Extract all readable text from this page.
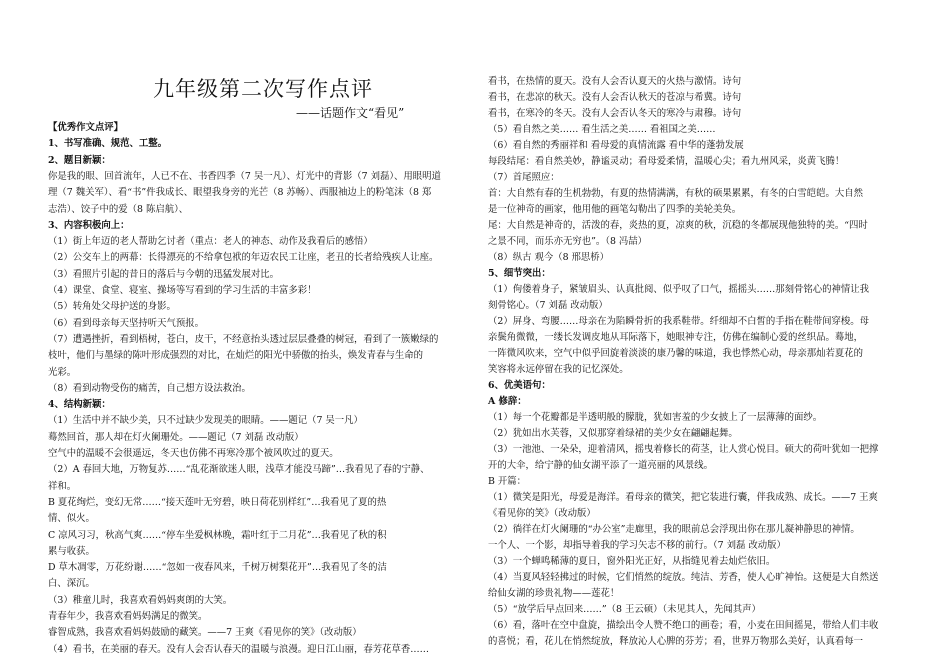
九年级第二次写作点评
——话题作文“看见”
【优秀作文点评】
1、书写准确、规范、工整。
2、题目新颖：
你是我的眼、回首流年，人已不在、书香四季（7 吴一凡）、灯光中的背影（7 刘磊）、用眼明道
理（7 魏关军）、看“书”件我成长、眼望我身旁的光芒（8 苏畅）、西服袖边上的粉笔沫（8 郑
志浩）、饺子中的爱（8 陈启航）、
3、内容积极向上：
（1）街上年迈的老人帮助乞讨者（重点：老人的神态、动作及我看后的感悟）
（2）公交车上的两幕：长得漂亮的不给拿包袱的年迈农民工让座，老丑的长者给残疾人让座。
（3）看照片引起的昔日的落后与今朝的迅猛发展对比。
（4）课堂、食堂、寝室、操场等写看到的学习生活的丰富多彩！
（5）转角处父母护送的身影。
（6）看到母亲每天坚持听天气预报。
（7）遭遇挫折，看到梧树，苍白，皮干，不经意抬头透过层层叠叠的树冠，看到了一簇嫩绿的
枝叶，他们与墨绿的陈叶形成强烈的对比，在灿烂的阳光中骄傲的抬头，焕发青春与生命的
光彩。
（8）看到动物受伤的痛苦，自己想方设法救治。
4、结构新颖：
（1）生活中并不缺少美，只不过缺少发现美的眼睛。——题记（7 吴一凡）
蓦然回首，那人却在灯火阑珊处。——题记（7 刘磊 改动版）
空气中的温暖不会很遥远，冬天也仿佛不再寒冷那个被风吹过的夏天。
（2）A 春回大地，万物复苏……“乱花渐欲迷人眼，浅草才能没马蹄”…我看见了春的宁静、
祥和。
B 夏花绚烂，变幻无常……“接天莲叶无穷碧，映日荷花别样红”…我看见了夏的热
情、似火。
C 凉风习习，秋高气爽……“停车坐爱枫林晚，霜叶红于二月花”…我看见了秋的积
累与收获。
D 草木凋零，万花纷谢……“忽如一夜春风来，千树万树梨花开”…我看见了冬的洁
白、深沉。
（3）稚童儿时，我喜欢看妈妈爽朗的大笑。
青春年少，我喜欢看妈妈满足的微笑。
睿智成熟，我喜欢看妈妈鼓励的藏笑。——7 王爽《看见你的笑》（改动版）
（4）看书，在美丽的春天。没有人会否认春天的温暖与浪漫。迎日江山丽，春芳花草香……
看书，在热情的夏天。没有人会否认夏天的火热与激情。诗句
看书，在悲凉的秋天。没有人会否认秋天的苍凉与希冀。诗句
看书，在寒冷的冬天。没有人会否认冬天的寒冷与肃穆。诗句
（5）看自然之美…… 看生活之美…… 看祖国之美……
（6）看自然的秀丽祥和 看母爱的真情流露 看中华的蓬勃发展
每段结尾：看自然美妙，静谧灵动；看母爱柔情，温暖心尖；看九州风采，炎黄飞腾！
（7）首尾照应：
首：大自然有春的生机勃勃，有夏的热情满满，有秋的硕果累累，有冬的白雪皑皑。大自然
是一位神奇的画家，他用他的画笔勾勒出了四季的美轮美奂。
尾：大自然是神奇的，活泼的春，炎热的夏，凉爽的秋，沉稳的冬都展现他独特的美。“四时
之景不同，而乐亦无穷也”。（8 冯喆）
（8）纵古 观今（8 邢思桥）
5、细节突出：
（1）佝偻着身子，紧皱眉头、认真批阅、似乎叹了口气，摇摇头……那刻骨铭心的神情让我
刻骨铭心。（7 刘磊 改动版）
（2）屏身、弯腰……母亲在为陷瞬骨折的我系鞋带。纤细却不白皙的手指在鞋带间穿梭。母
亲鬓角微微，一缕长发调皮地从耳际落下，她眼神专注，仿佛在编制心爱的丝织品。蓦地，
一阵微风吹来，空气中似乎回旋着淡淡的康乃馨的味道，我也悸然心动，母亲那灿若夏花的
笑容将永远停留在我的记忆深处。
6、优美语句：
A 修辞：
（1）每一个花瓣都是半透明般的朦胧，犹如害羞的少女披上了一层薄薄的面纱。
（2）犹如出水芙蓉，又似那穿着绿裙的美少女在翩翩起舞。
（3）一池池、一朵朵，迎着清风，摇曳着修长的荷茎，让人赏心悦目。硕大的荷叶犹如一把撑
开的大伞，给宁静的仙女湖平添了一道亮丽的风景线。
B 开篇：
（1）微笑是阳光，母爱是海洋。看母亲的微笑，把它装进行囊，伴我成熟、成长。——7 王爽
《看见你的笑》（改动版）
（2）徜徉在灯火阑珊的“办公室”走廊里，我的眼前总会浮现出你在那儿凝神静思的神情。
一个人、一个影，却指导着我的学习矢志不移的前行。（7 刘磊 改动版）
（3）一个蝉鸣稀薄的夏日，窗外阳光正好，从指缝见着去灿烂依旧。
（4）当夏风轻轻拂过的时候，它们悄然的绽放。纯洁、芳香，使人心旷神怡。这便是大自然送
给仙女湖的珍贵礼物——莲花！
（5）“放学后早点回来……”（8 王云硕）（未见其人，先闻其声）
（6）看，落叶在空中盘旋，描绘出令人赞不绝口的画卷；看，小麦在田间摇晃，带给人们丰收
的喜悦；看，花儿在悄然绽放，释放沁人心脾的芬芳；看，世界万物那么美好，认真看每一
